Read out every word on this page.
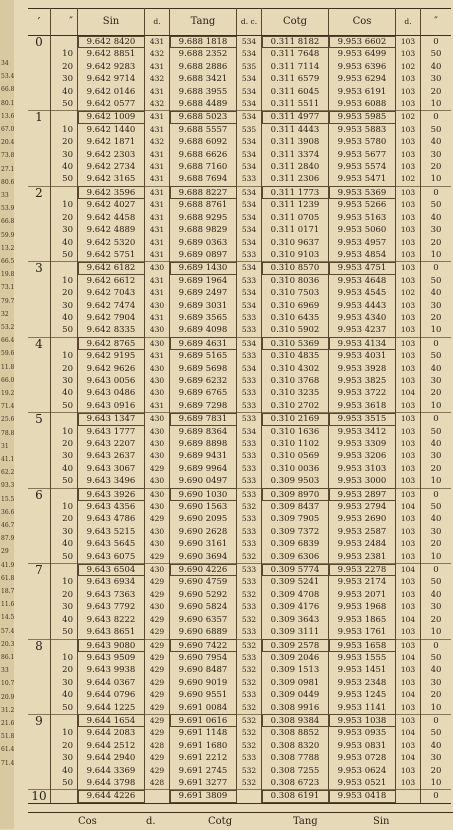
34
53.4
66.8
80.1
13.6
67.0
20.4
73.8
27.1
80.6
33
53.9
66.8
59.9
13.2
66.5
19.8
73.1
79.7
32
53.2
66.4
59.6
11.8
66.0
19.2
71.4
25.6
78.8
31
41.1
62.2
93.3
15.5
36.6
46.7
87.9
29
41.9
61.8
18.7
11.6
14.5
57.4
20.3
86.1
33
10.7
20.9
31.2
21.6
51.8
61.4
71.4
′	″	Sin	d.	Tang	d. c.	Cotg	Cos	d.	″
0		9.642 8420	431	9.688 1818	534	0.311 8182	9.953 6602	103	0
	10	9.642 8851	432	9.688 2352	534	0.311 7648	9.953 6499	103	50
	20	9.642 9283	431	9.688 2886	535	0.311 7114	9.953 6396	102	40
	30	9.642 9714	432	9.688 3421	534	0.311 6579	9.953 6294	103	30
	40	9.642 0146	431	9.688 3955	534	0.311 6045	9.953 6191	103	20
	50	9.642 0577	432	9.688 4489	534	0.311 5511	9.953 6088	103	10
1		9.642 1009	431	9.688 5023	534	0.311 4977	9.953 5985	102	0
	10	9.642 1440	431	9.688 5557	535	0.311 4443	9.953 5883	103	50
	20	9.642 1871	432	9.688 6092	534	0.311 3908	9.953 5780	103	40
	30	9.642 2303	431	9.688 6626	534	0.311 3374	9.953 5677	103	30
	40	9.642 2734	431	9.688 7160	534	0.311 2840	9.953 5574	103	20
	50	9.642 3165	431	9.688 7694	533	0.311 2306	9.953 5471	102	10
2		9.642 3596	431	9.688 8227	534	0.311 1773	9.953 5369	103	0
	10	9.642 4027	431	9.688 8761	534	0.311 1239	9.953 5266	103	50
	20	9.642 4458	431	9.688 9295	534	0.311 0705	9.953 5163	103	40
	30	9.642 4889	431	9.688 9829	534	0.311 0171	9.953 5060	103	30
	40	9.642 5320	431	9.689 0363	534	0.310 9637	9.953 4957	103	20
	50	9.642 5751	431	9.689 0897	533	0.310 9103	9.953 4854	103	10
3		9.642 6182	430	9.689 1430	534	0.310 8570	9.953 4751	103	0
	10	9.642 6612	431	9.689 1964	533	0.310 8036	9.953 4648	103	50
	20	9.642 7043	431	9.689 2497	534	0.310 7503	9.953 4545	102	40
	30	9.642 7474	430	9.689 3031	534	0.310 6969	9.953 4443	103	30
	40	9.642 7904	431	9.689 3565	533	0.310 6435	9.953 4340	103	20
	50	9.642 8335	430	9.689 4098	533	0.310 5902	9.953 4237	103	10
4		9.642 8765	430	9.689 4631	534	0.310 5369	9.953 4134	103	0
	10	9.642 9195	431	9.689 5165	533	0.310 4835	9.953 4031	103	50
	20	9.642 9626	430	9.689 5698	534	0.310 4302	9.953 3928	103	40
	30	9.643 0056	430	9.689 6232	533	0.310 3768	9.953 3825	103	30
	40	9.643 0486	430	9.689 6765	533	0.310 3235	9.953 3722	104	20
	50	9.643 0916	431	9.689 7298	533	0.310 2702	9.953 3618	103	10
5		9.643 1347	430	9.689 7831	533	0.310 2169	9.953 3515	103	0
	10	9.643 1777	430	9.689 8364	534	0.310 1636	9.953 3412	103	50
	20	9.643 2207	430	9.689 8898	533	0.310 1102	9.953 3309	103	40
	30	9.643 2637	430	9.689 9431	533	0.310 0569	9.953 3206	103	30
	40	9.643 3067	429	9.689 9964	533	0.310 0036	9.953 3103	103	20
	50	9.643 3496	430	9.690 0497	533	0.309 9503	9.953 3000	103	10
6		9.643 3926	430	9.690 1030	533	0.309 8970	9.953 2897	103	0
	10	9.643 4356	430	9.690 1563	532	0.309 8437	9.953 2794	104	50
	20	9.643 4786	429	9.690 2095	533	0.309 7905	9.953 2690	103	40
	30	9.643 5215	430	9.690 2628	533	0.309 7372	9.953 2587	103	30
	40	9.643 5645	430	9.690 3161	533	0.309 6839	9.953 2484	103	20
	50	9.643 6075	429	9.690 3694	532	0.309 6306	9.953 2381	103	10
7		9.643 6504	430	9.690 4226	533	0.309 5774	9.953 2278	104	0
	10	9.643 6934	429	9.690 4759	533	0.309 5241	9.953 2174	103	50
	20	9.643 7363	429	9.690 5292	532	0.309 4708	9.953 2071	103	40
	30	9.643 7792	430	9.690 5824	533	0.309 4176	9.953 1968	103	30
	40	9.643 8222	429	9.690 6357	532	0.309 3643	9.953 1865	104	20
	50	9.643 8651	429	9.690 6889	533	0.309 3111	9.953 1761	103	10
8		9.643 9080	429	9.690 7422	532	0.309 2578	9.953 1658	103	0
	10	9.643 9509	429	9.690 7954	533	0.309 2046	9.953 1555	104	50
	20	9.643 9938	429	9.690 8487	532	0.309 1513	9.953 1451	103	40
	30	9.644 0367	429	9.690 9019	532	0.309 0981	9.953 2348	103	30
	40	9.644 0796	429	9.690 9551	533	0.309 0449	9.953 1245	104	20
	50	9.644 1225	429	9.691 0084	532	0.308 9916	9.953 1141	103	10
9		9.644 1654	429	9.691 0616	532	0.308 9384	9.953 1038	103	0
	10	9.644 2083	429	9.691 1148	532	0.308 8852	9.953 0935	104	50
	20	9.644 2512	428	9.691 1680	532	0.308 8320	9.953 0831	103	40
	30	9.644 2940	429	9.691 2212	533	0.308 7788	9.953 0728	104	30
	40	9.644 3369	429	9.691 2745	532	0.308 7255	9.953 0624	103	20
	50	9.644 3798	428	9.691 3277	532	0.308 6723	9.953 0521	103	10
10		9.644 4226		9.691 3809		0.308 6191	9.953 0418		0
Cos	d.	Cotg	Tang	Sin
